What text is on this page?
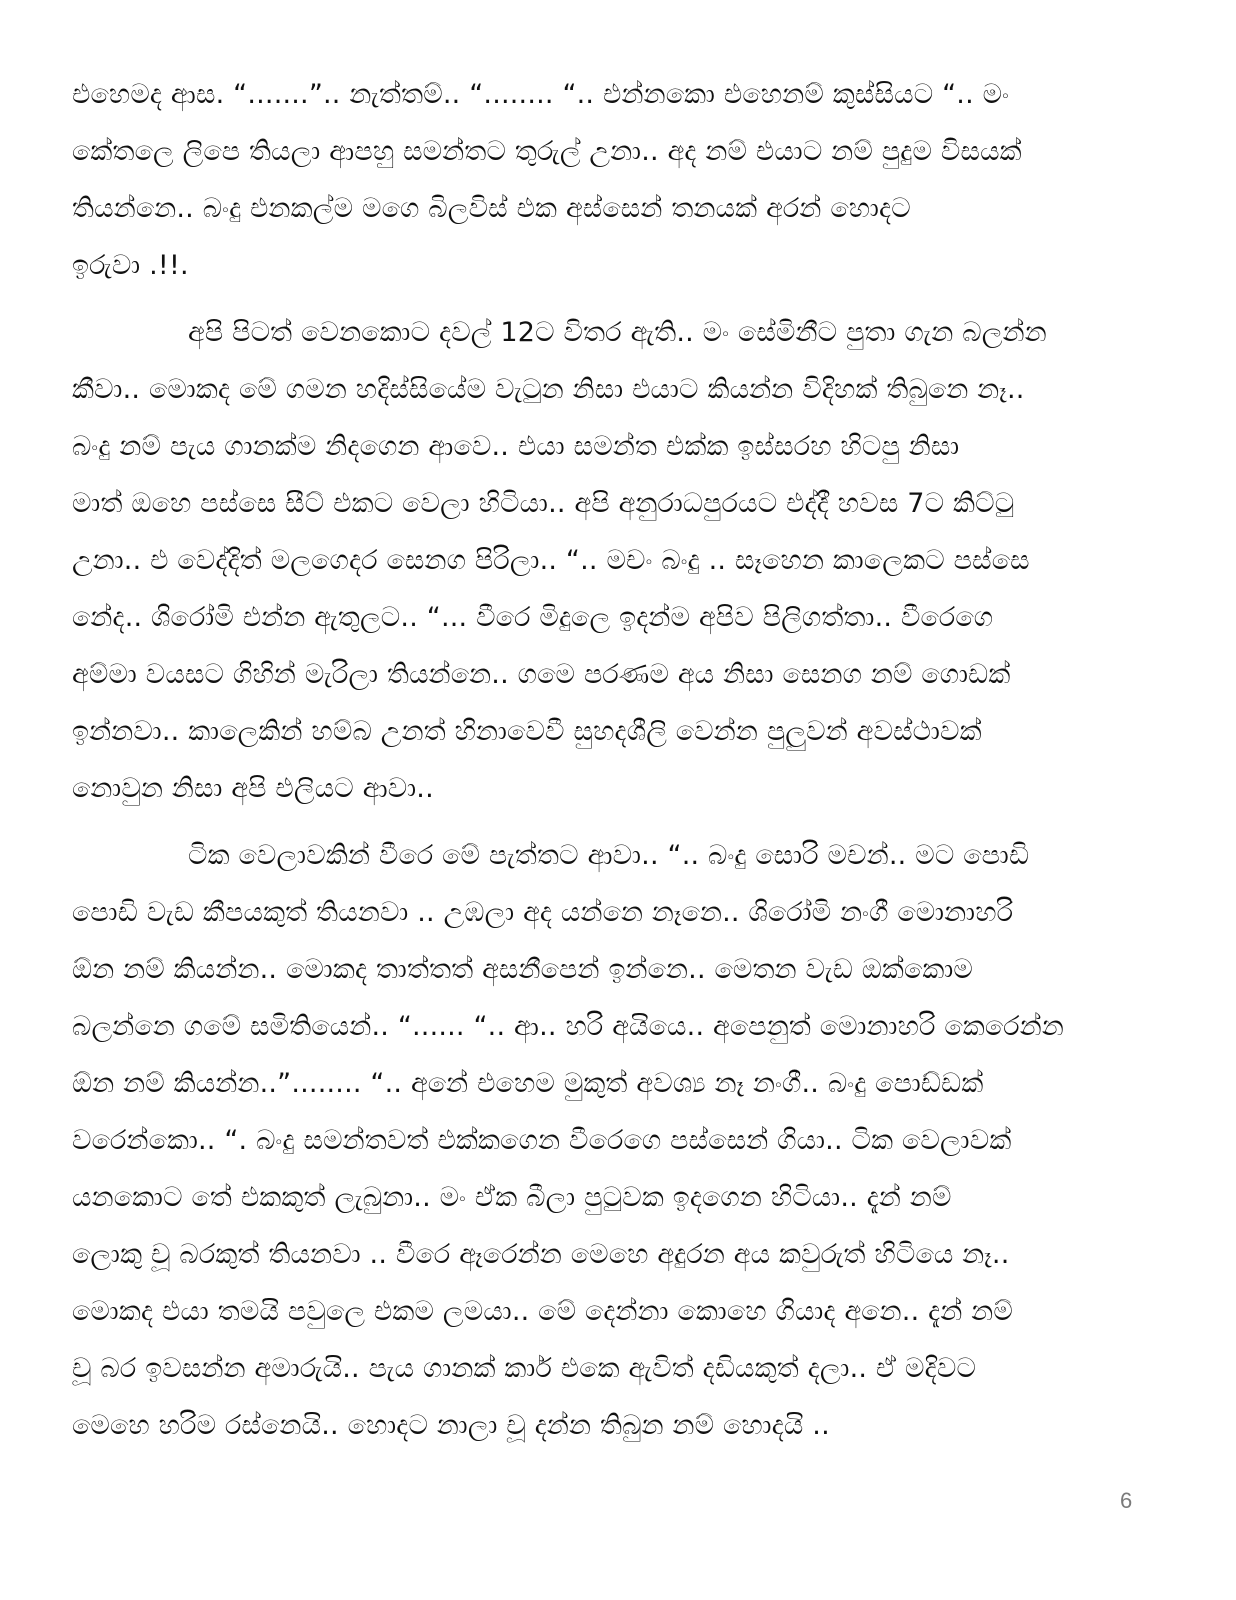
එහෙමද ආස. “.......”.. නැත්තම්.. “........ “.. එන්නකො එහෙනම් කුස්සියට “.. මං
කේතලෙ ලිපෙ තියලා ආපහු සමන්තට තුරුල් උනා.. අද නම් එයාට නම් පුදුම විසයක්
තියන්නෙ.. බංදු එනකල්ම මගෙ බිලවිස් එක අස්සෙන් තනයක් අරන් හොදට
ඉරුවා .!!.
අපි පිටත් වෙනකොට දවල් 12ට විතර ඇති.. මං සේමිනීට පුතා ගැන බලන්න
කීවා.. මොකද මේ ගමන හදිස්සියේම වැටුන නිසා එයාට කියන්න විදිහක් තිබුනෙ නෑ..
බංදු නම් පැය ගානක්ම නිදගෙන ආවෙ.. එයා සමන්ත එක්ක ඉස්සරහ හිටපු නිසා
මාත් ඔහෙ පස්සෙ සීට් එකට වෙලා හිටියා.. අපි අනුරාධපුරයට එද්දී හවස 7ට කිට්ටු
උනා.. එ වෙද්දිත් මලගෙදර සෙනග පිරිලා.. “.. මචං බංදු .. සෑහෙන කාලෙකට පස්සෙ
නේද.. ශිරෝමි එන්න ඇතුලට.. “... වීරෙ මිදුලෙ ඉදන්ම අපිව පිලිගත්තා.. වීරෙගෙ
අම්මා වයසට ගිහින් මැරිලා තියන්නෙ.. ගමෙ පරණම අය නිසා සෙනග නම් ගොඩක්
ඉන්නවා.. කාලෙකින් හම්බ උනත් හිනාවෙවී සුහදශීලි වෙන්න පුලුවන් අවස්ථාවක්
නොවුන නිසා අපි එලියට ආවා..
ටික වෙලාවකින් වීරෙ මේ පැත්තට ආවා.. “.. බංදු සොරි මචන්.. මට පොඩි
පොඩි වැඩ කීපයකුත් තියනවා .. උඹලා අද යන්නෙ නෑනෙ.. ශිරෝමි නංගී මොනාහරි
ඕන නම් කියන්න.. මොකද තාත්තත් අසනීපෙන් ඉන්නෙ.. මෙතන වැඩ ඔක්කොම
බලන්නෙ ගමේ සමිතියෙන්.. “...... “.. ආ.. හරි අයියෙ.. අපෙනුත් මොනාහරි කෙරෙන්න
ඕන නම් කියන්න..”........ “.. අනේ එහෙම මුකුත් අවශ්‍ය නෑ නංගී.. බංදු පොඩ්ඩක්
වරෙන්කො.. “. බංදු සමන්තවත් එක්කගෙන වීරෙගෙ පස්සෙන් ගියා.. ටික වෙලාවක්
යනකොට තේ එකකුත් ලැබුනා.. මං ඒක බීලා පුටුවක ඉදගෙන හිටියා.. දැන් නම්
ලොකු චූ බරකුත් තියනවා .. වීරෙ ඈරෙන්න මෙහෙ අදුරන අය කවුරුත් හිටියෙ නෑ..
මොකද එයා තමයි පවුලෙ එකම ලමයා.. මේ දෙන්නා කොහෙ ගියාද අනෙ.. දැන් නම්
චූ බර ඉවසන්න අමාරුයි.. පැය ගානක් කාර් එකෙ ඇවිත් දඩියකුත් දලා.. ඒ මදිවට
මෙහෙ හරිම රස්නෙයි.. හොදට නාලා චූ දන්න තිබුන නම් හොදයි ..
6
